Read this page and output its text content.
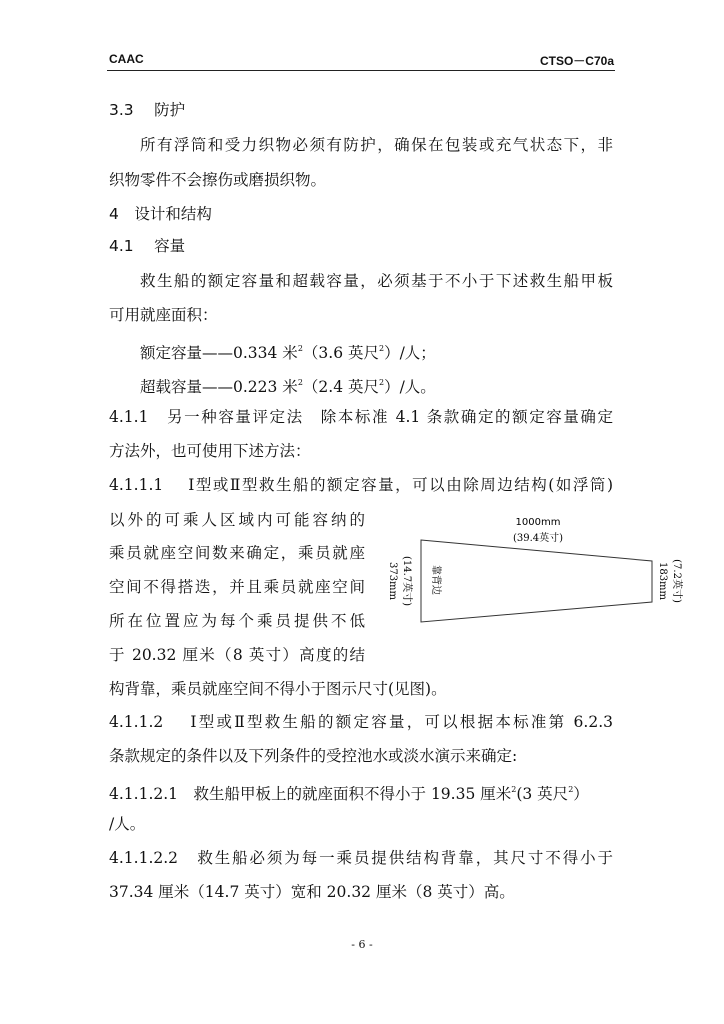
CAAC	CTSO－C70a
3.3　 防护
所有浮筒和受力织物必须有防护，确保在包装或充气状态下，非
织物零件不会擦伤或磨损织物。
4　设计和结构
4.1　 容量
救生船的额定容量和超载容量，必须基于不小于下述救生船甲板
可用就座面积：
额定容量——0.334 米$^2$（3.6 英尺$^2$）/人；
超载容量——0.223 米$^2$（2.4 英尺$^2$）/人。
4.1.1　另一种容量评定法　除本标准 4.1 条款确定的额定容量确定
方法外，也可使用下述方法：
4.1.1.1　 Ⅰ型或Ⅱ型救生船的额定容量，可以由除周边结构(如浮筒)
以外的可乘人区域内可能容纳的
乘员就座空间数来确定，乘员就座
空间不得搭迭，并且乘员就座空间
所在位置应为每个乘员提供不低
于 20.32 厘米（8 英寸）高度的结
构背靠，乘员就座空间不得小于图示尺寸(见图)。
4.1.1.2　 Ⅰ型或Ⅱ型救生船的额定容量，可以根据本标准第 6.2.3
条款规定的条件以及下列条件的受控池水或淡水演示来确定:
4.1.1.2.1　救生船甲板上的就座面积不得小于 19.35 厘米$^2$(3 英尺$^2$）
/人。
4.1.1.2.2　救生船必须为每一乘员提供结构背靠，其尺寸不得小于
37.34 厘米（14.7 英寸）宽和 20.32 厘米（8 英寸）高。
1000mm
(39.4英寸)
373mm (14.7英寸)	183mm (7.2英寸)
靠背边
- 6 -
